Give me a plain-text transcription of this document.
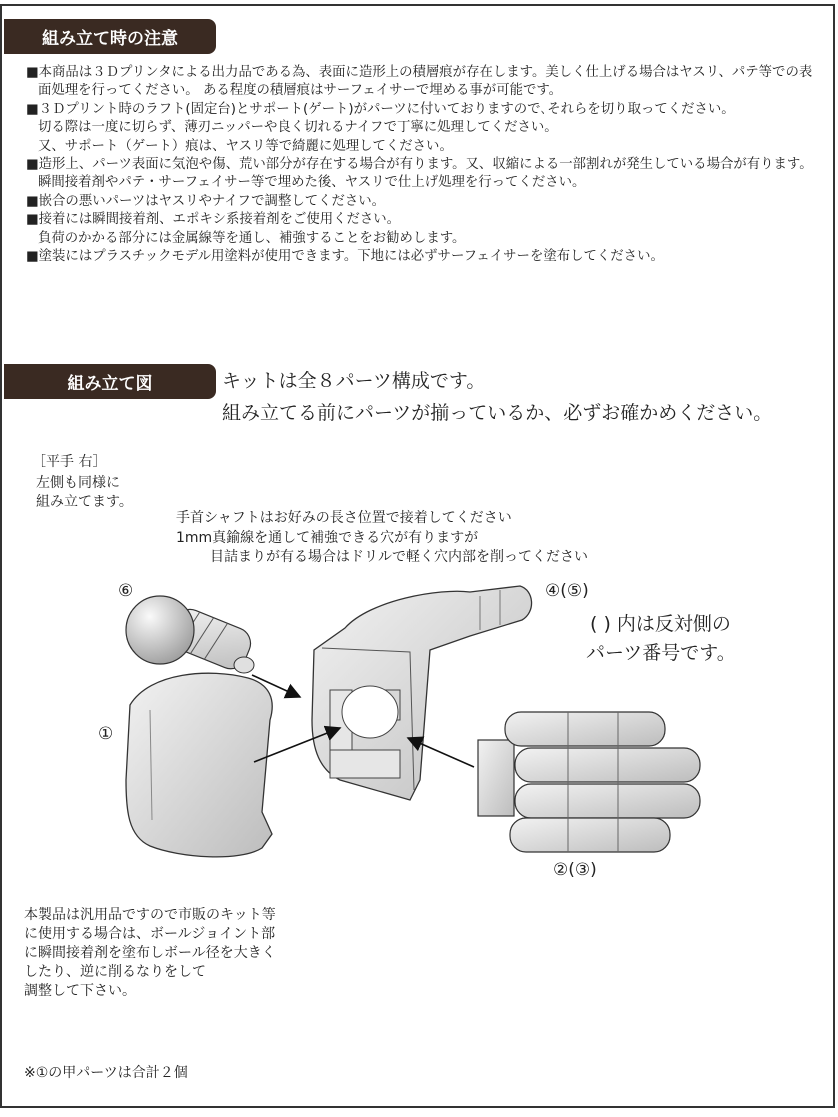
組み立て時の注意
■本商品は３Ｄプリンタによる出力品である為、表面に造形上の積層痕が存在します。美しく仕上げる場合はヤスリ、パテ等での表面処理を行ってください。 ある程度の積層痕はサーフェイサーで埋める事が可能です。
■３Ｄプリント時のラフト(固定台)とサポート(ゲート)がパーツに付いておりますので､それらを切り取ってください。
切る際は一度に切らず、薄刃ニッパーや良く切れるナイフで丁寧に処理してください。
又、サポート（ゲート）痕は、ヤスリ等で綺麗に処理してください。
■造形上、パーツ表面に気泡や傷、荒い部分が存在する場合が有ります。又、収縮による一部割れが発生している場合が有ります。瞬間接着剤やパテ・サーフェイサー等で埋めた後、ヤスリで仕上げ処理を行ってください。
■嵌合の悪いパーツはヤスリやナイフで調整してください。
■接着には瞬間接着剤、エポキシ系接着剤をご使用ください。
負荷のかかる部分には金属線等を通し、補強することをお勧めします。
■塗装にはプラスチックモデル用塗料が使用できます。下地には必ずサーフェイサーを塗布してください。
組み立て図	キットは全８パーツ構成です。
組み立てる前にパーツが揃っているか、必ずお確かめください。
［平手 右］
左側も同様に
組み立てます。
手首シャフトはお好みの長さ位置で接着してください
1mm真鍮線を通して補強できる穴が有りますが
目詰まりが有る場合はドリルで軽く穴内部を削ってください
⑥
①
④(⑤)
②(③)
( ) 内は反対側の
パーツ番号です。
本製品は汎用品ですので市販のキット等
に使用する場合は、ボールジョイント部
に瞬間接着剤を塗布しボール径を大きく
したり、逆に削るなりをして
調整して下さい。
※①の甲パーツは合計２個
